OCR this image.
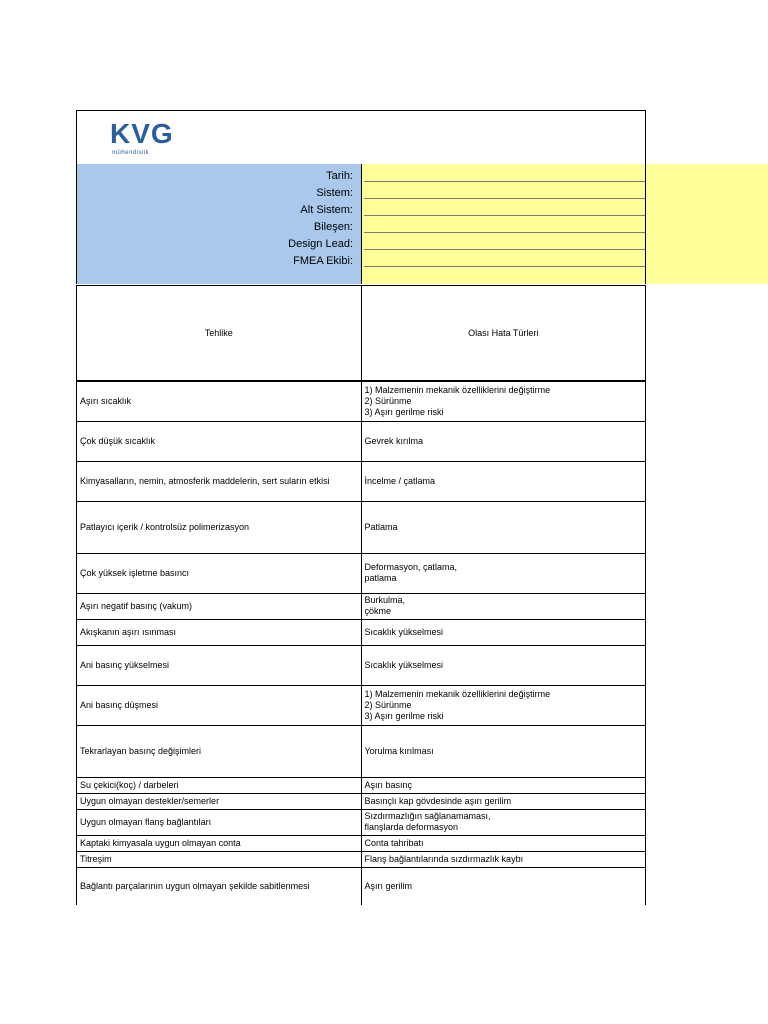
KVG
mühendislik
Tarih:
Sistem:
Alt Sistem:
Bileşen:
Design Lead:
FMEA Ekibi:
Tehlike	Olası Hata Türleri
Aşırı sıcaklık	1) Malzemenin mekanik özelliklerini değiştirme
2) Sürünme
3) Aşırı gerilme riski
Çok düşük sıcaklık	Gevrek kırılma
Kimyasalların, nemin, atmosferik maddelerin, sert suların etkisi	İncelme / çatlama
Patlayıcı içerik / kontrolsüz polimerizasyon	Patlama
Çok yüksek işletme basıncı	Deformasyon, çatlama,
patlama
Aşırı negatif basınç (vakum)	Burkulma,
çökme
Akışkanın aşırı ısınması	Sıcaklık yükselmesi
Ani basınç yükselmesi	Sıcaklık yükselmesi
Ani basınç düşmesi	1) Malzemenin mekanik özelliklerini değiştirme
2) Sürünme
3) Aşırı gerilme riski
Tekrarlayan basınç değişimleri	Yorulma kırılması
Su çekici(koç) / darbeleri	Aşırı basınç
Uygun olmayan destekler/semerler	Basınçlı kap gövdesinde aşırı gerilim
Uygun olmayan flanş bağlantıları	Sızdırmazlığın sağlanamaması,
flanşlarda deformasyon
Kaptaki kimyasala uygun olmayan conta	Conta tahribatı
Titreşim	Flanş bağlantılarında sızdırmazlık kaybı
Bağlantı parçalarının uygun olmayan şekilde sabitlenmesi	Aşırı gerilim
